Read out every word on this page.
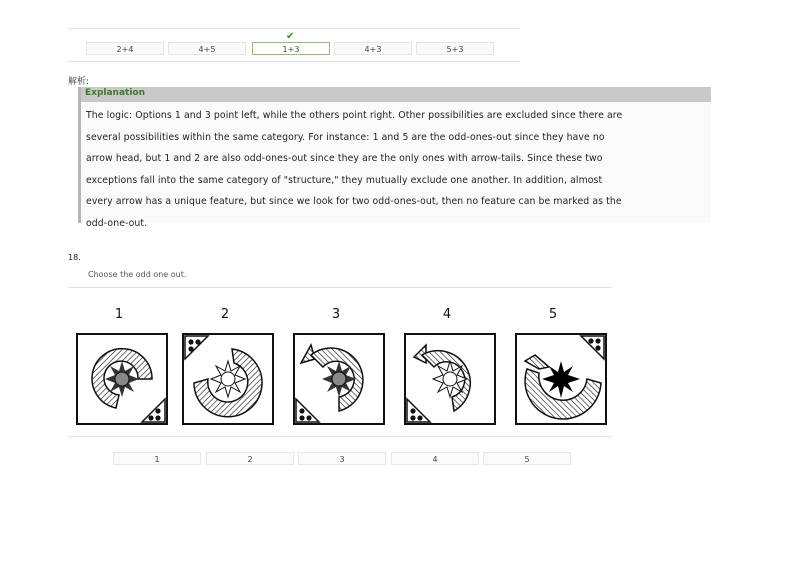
✔
2+4	4+5	1+3	4+3	5+3
解析:
Explanation
The logic: Options 1 and 3 point left, while the others point right. Other possibilities are excluded since there are
several possibilities within the same category. For instance: 1 and 5 are the odd-ones-out since they have no
arrow head, but 1 and 2 are also odd-ones-out since they are the only ones with arrow-tails. Since these two
exceptions fall into the same category of "structure," they mutually exclude one another. In addition, almost
every arrow has a unique feature, but since we look for two odd-ones-out, then no feature can be marked as the
odd-one-out.
18.
Choose the odd one out.
1	2	3	4	5
1	2	3	4	5
